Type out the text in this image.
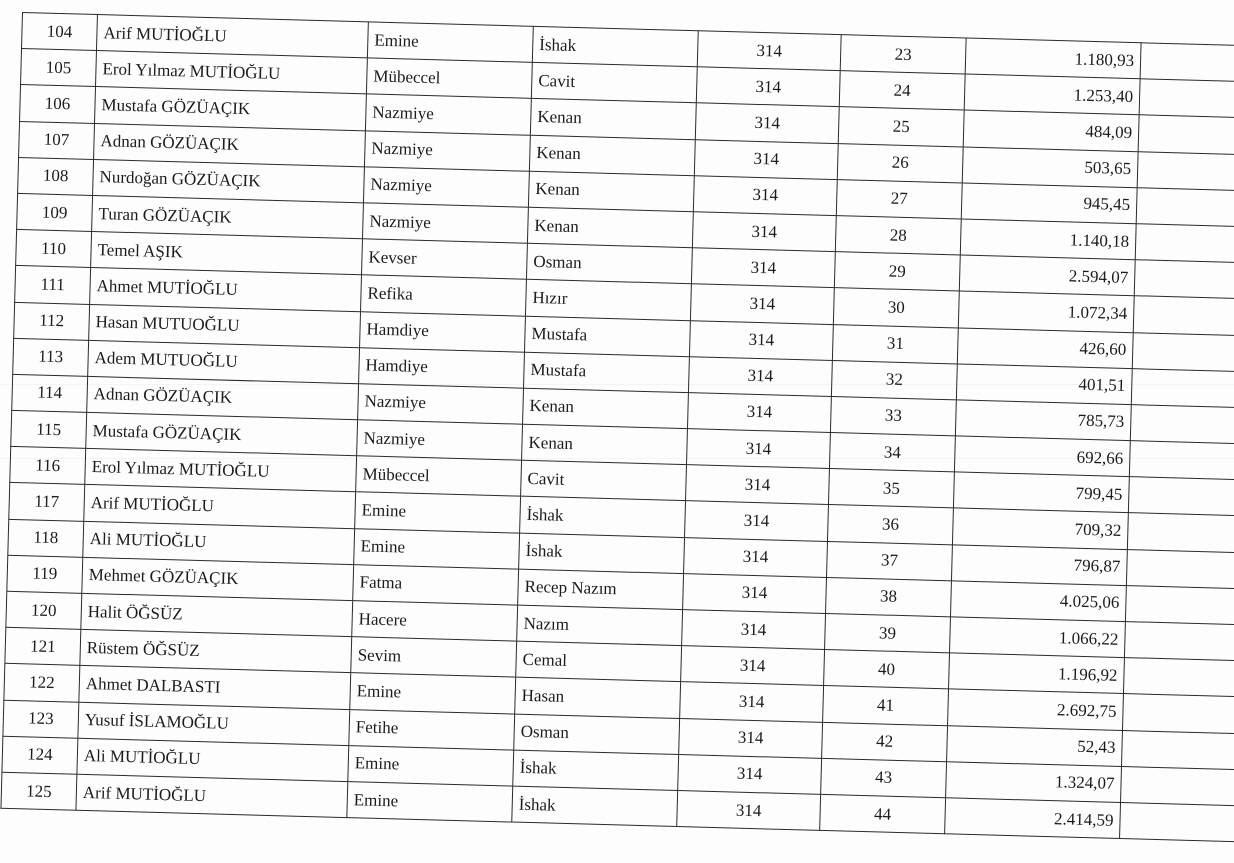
104	Arif MUTİOĞLU	Emine	İshak	314	23	1.180,93	
105	Erol Yılmaz MUTİOĞLU	Mübeccel	Cavit	314	24	1.253,40	
106	Mustafa GÖZÜAÇIK	Nazmiye	Kenan	314	25	484,09	
107	Adnan GÖZÜAÇIK	Nazmiye	Kenan	314	26	503,65	
108	Nurdoğan GÖZÜAÇIK	Nazmiye	Kenan	314	27	945,45	
109	Turan GÖZÜAÇIK	Nazmiye	Kenan	314	28	1.140,18	
110	Temel AŞIK	Kevser	Osman	314	29	2.594,07	
111	Ahmet MUTİOĞLU	Refika	Hızır	314	30	1.072,34	
112	Hasan MUTUOĞLU	Hamdiye	Mustafa	314	31	426,60	
113	Adem MUTUOĞLU	Hamdiye	Mustafa	314	32	401,51	
114	Adnan GÖZÜAÇIK	Nazmiye	Kenan	314	33	785,73	
115	Mustafa GÖZÜAÇIK	Nazmiye	Kenan	314	34	692,66	
116	Erol Yılmaz MUTİOĞLU	Mübeccel	Cavit	314	35	799,45	
117	Arif MUTİOĞLU	Emine	İshak	314	36	709,32	
118	Ali MUTİOĞLU	Emine	İshak	314	37	796,87	
119	Mehmet GÖZÜAÇIK	Fatma	Recep Nazım	314	38	4.025,06	
120	Halit ÖĞSÜZ	Hacere	Nazım	314	39	1.066,22	
121	Rüstem ÖĞSÜZ	Sevim	Cemal	314	40	1.196,92	
122	Ahmet DALBASTI	Emine	Hasan	314	41	2.692,75	
123	Yusuf İSLAMOĞLU	Fetihe	Osman	314	42	52,43	
124	Ali MUTİOĞLU	Emine	İshak	314	43	1.324,07	
125	Arif MUTİOĞLU	Emine	İshak	314	44	2.414,59	
